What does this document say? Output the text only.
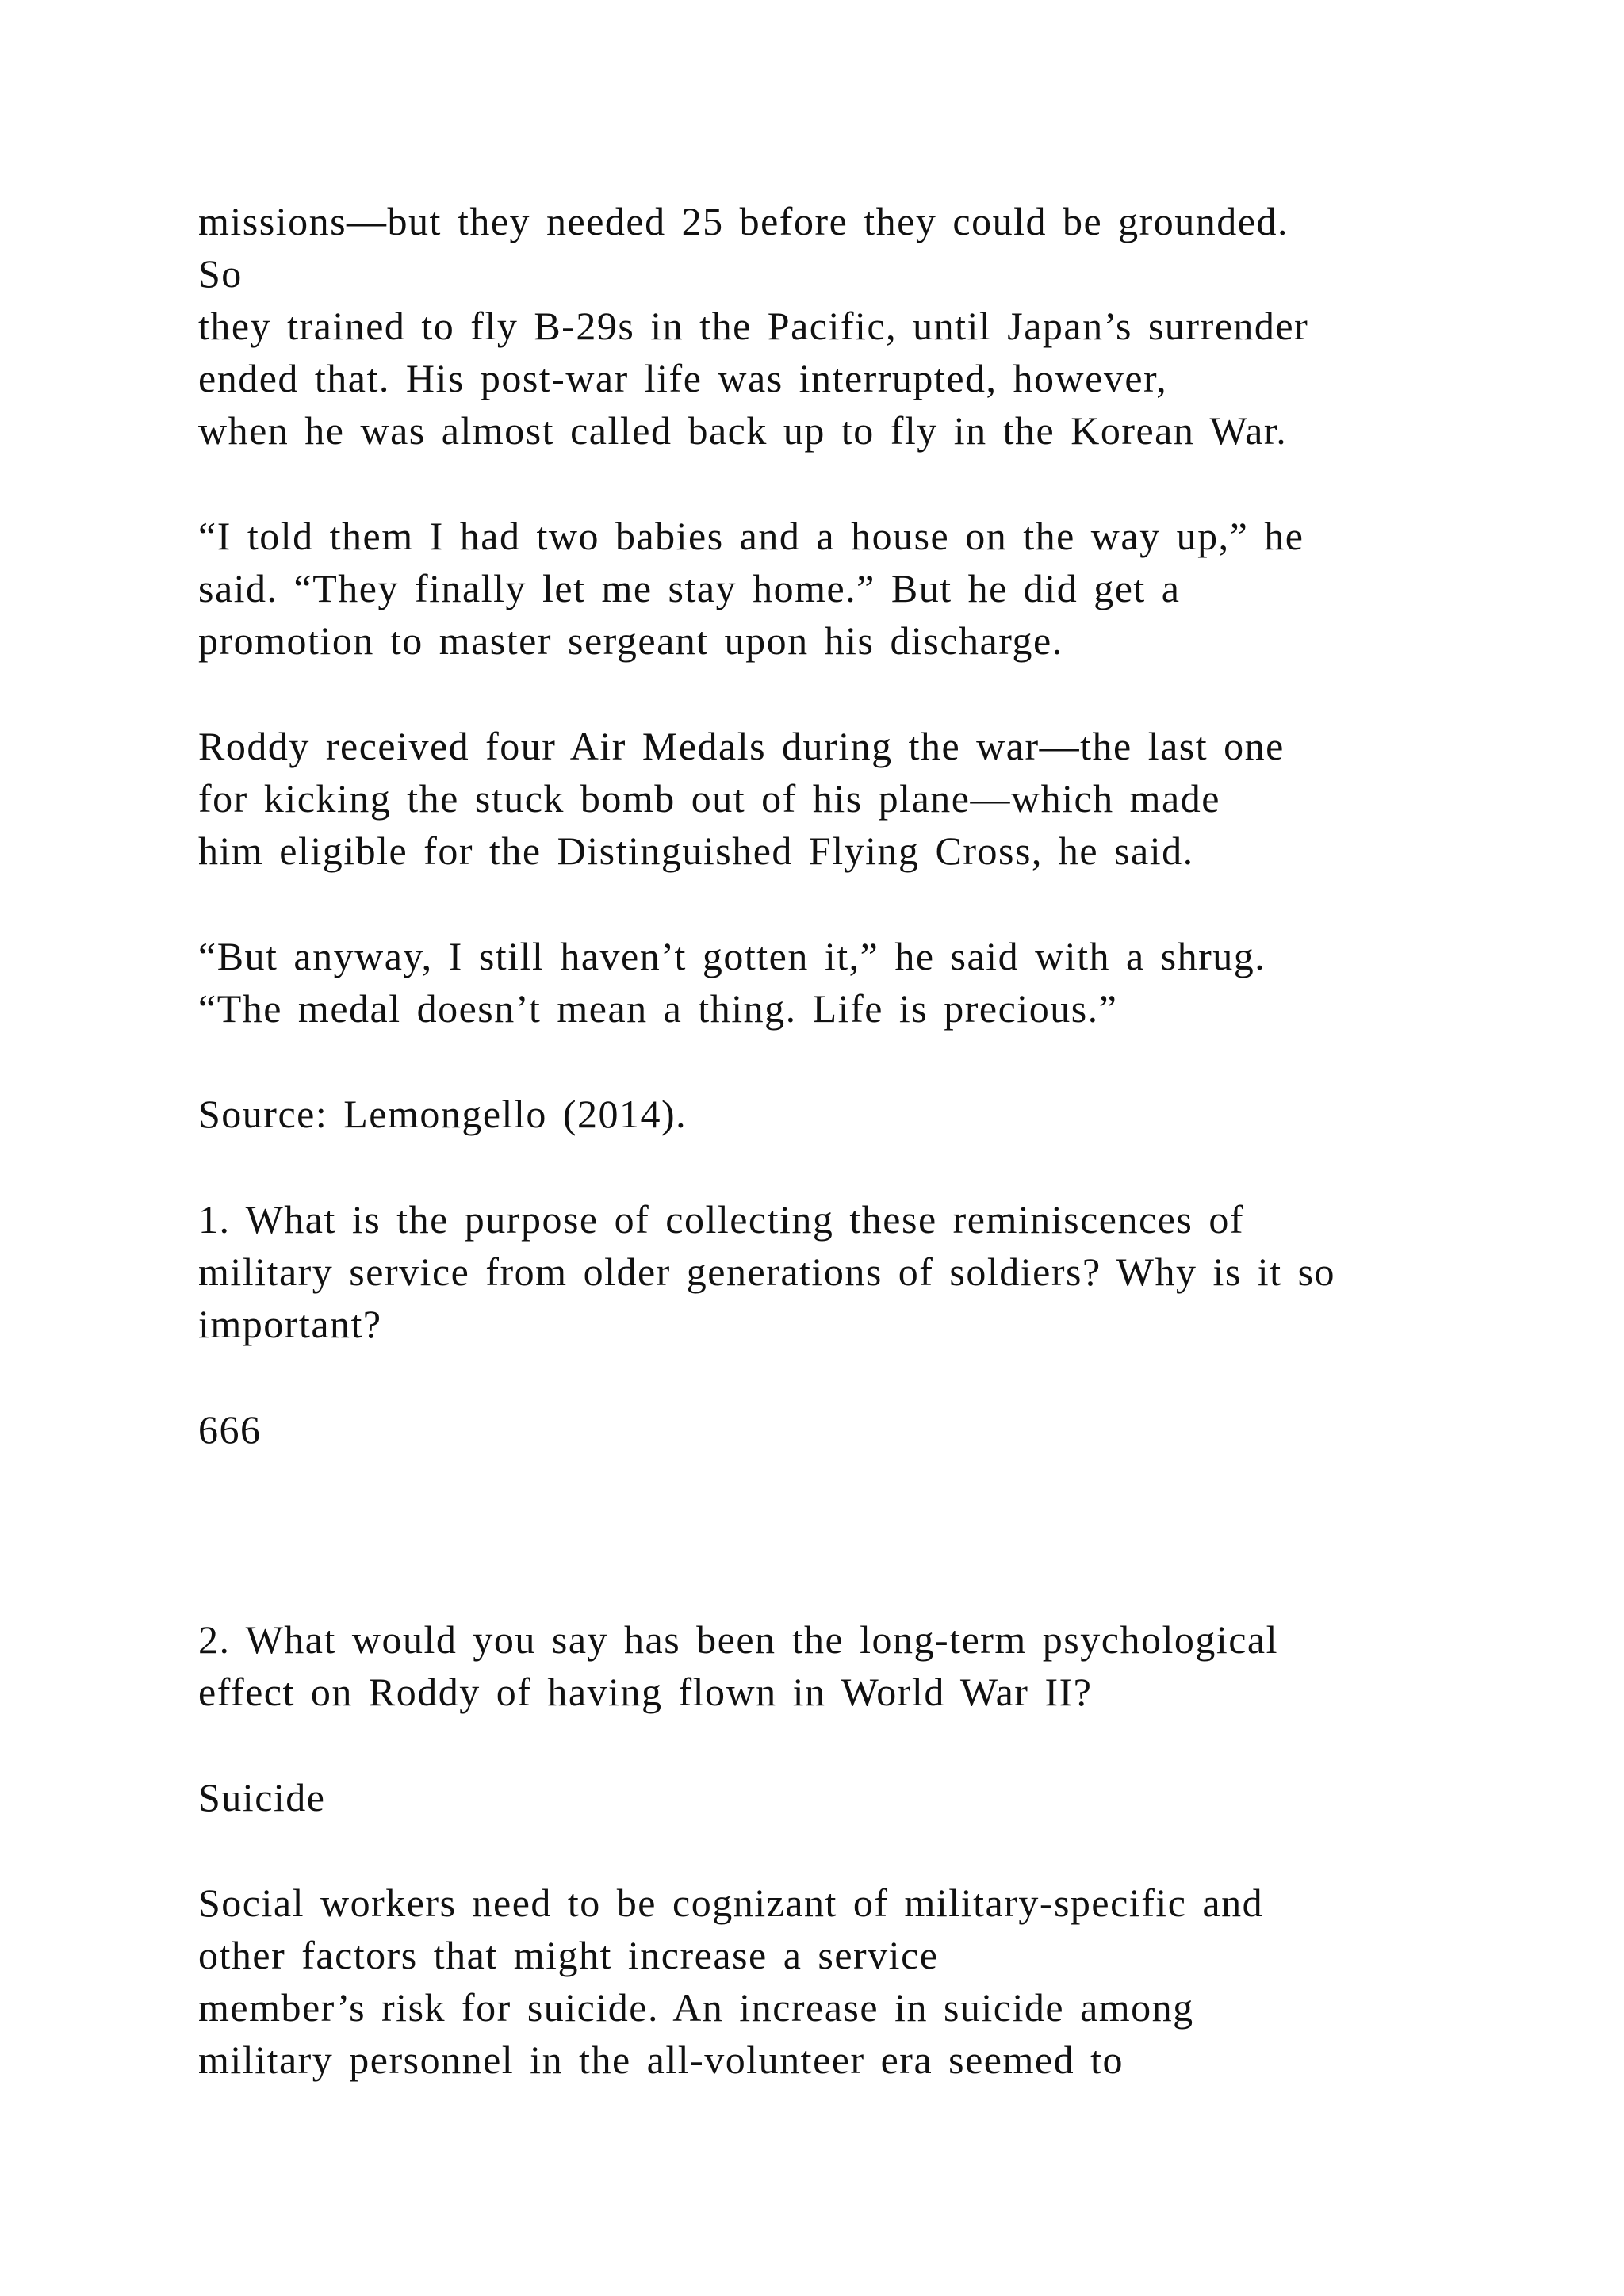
missions—but they needed 25 before they could be grounded.

So

they trained to fly B-29s in the Pacific, until Japan’s surrender

ended that. His post-war life was interrupted, however,

when he was almost called back up to fly in the Korean War.

“I told them I had two babies and a house on the way up,” he

said. “They finally let me stay home.” But he did get a

promotion to master sergeant upon his discharge.

Roddy received four Air Medals during the war—the last one

for kicking the stuck bomb out of his plane—which made

him eligible for the Distinguished Flying Cross, he said.

“But anyway, I still haven’t gotten it,” he said with a shrug.

“The medal doesn’t mean a thing. Life is precious.”

Source: Lemongello (2014).

1. What is the purpose of collecting these reminiscences of

military service from older generations of soldiers? Why is it so

important?

666

2. What would you say has been the long-term psychological

effect on Roddy of having flown in World War II?

Suicide

Social workers need to be cognizant of military-specific and

other factors that might increase a service

member’s risk for suicide. An increase in suicide among

military personnel in the all-volunteer era seemed to
